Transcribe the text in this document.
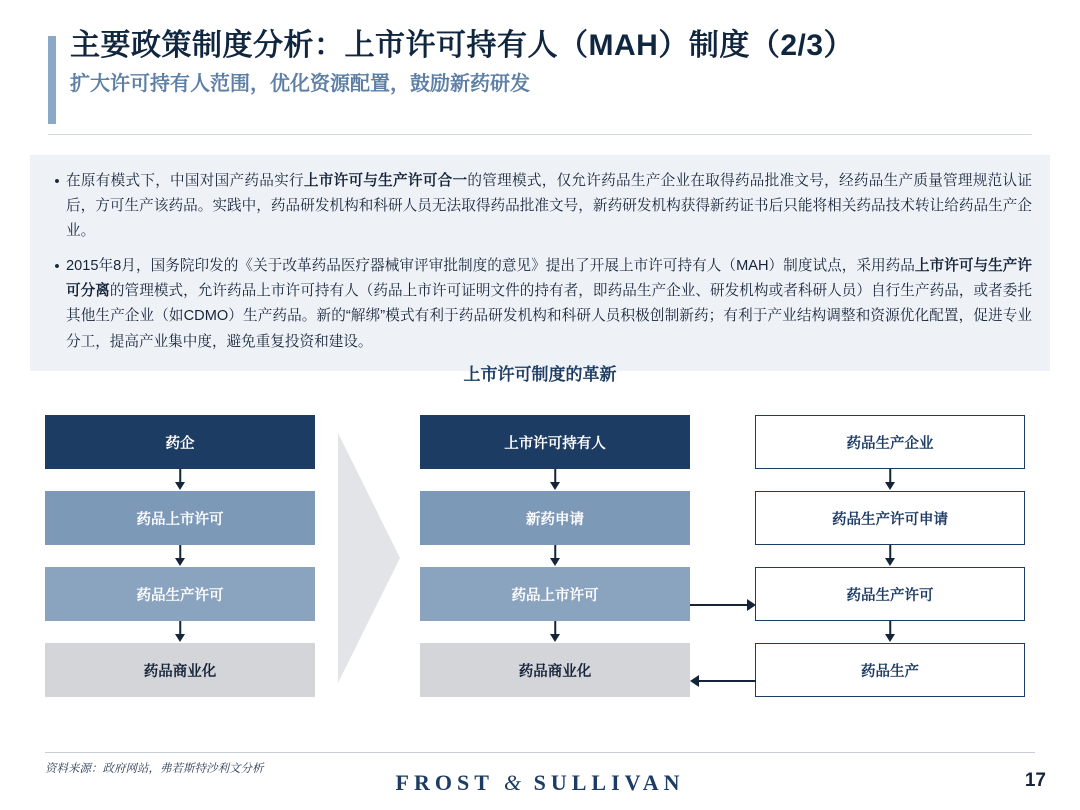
主要政策制度分析：上市许可持有人（MAH）制度（2/3）
扩大许可持有人范围，优化资源配置，鼓励新药研发
• 在原有模式下，中国对国产药品实行上市许可与生产许可合一的管理模式，仅允许药品生产企业在取得药品批准文号，经药品生产质量管理规范认证后，方可生产该药品。实践中，药品研发机构和科研人员无法取得药品批准文号，新药研发机构获得新药证书后只能将相关药品技术转让给药品生产企业。
• 2015年8月，国务院印发的《关于改革药品医疗器械审评审批制度的意见》提出了开展上市许可持有人（MAH）制度试点，采用药品上市许可与生产许可分离的管理模式，允许药品上市许可持有人（药品上市许可证明文件的持有者，即药品生产企业、研发机构或者科研人员）自行生产药品，或者委托其他生产企业（如CDMO）生产药品。新的“解绑”模式有利于药品研发机构和科研人员积极创制新药；有利于产业结构调整和资源优化配置，促进专业分工，提高产业集中度，避免重复投资和建设。
上市许可制度的革新
药企
药品上市许可
药品生产许可
药品商业化
上市许可持有人
新药申请
药品上市许可
药品商业化
药品生产企业
药品生产许可申请
药品生产许可
药品生产
资料来源：政府网站，弗若斯特沙利文分析
FROST & SULLIVAN	17
